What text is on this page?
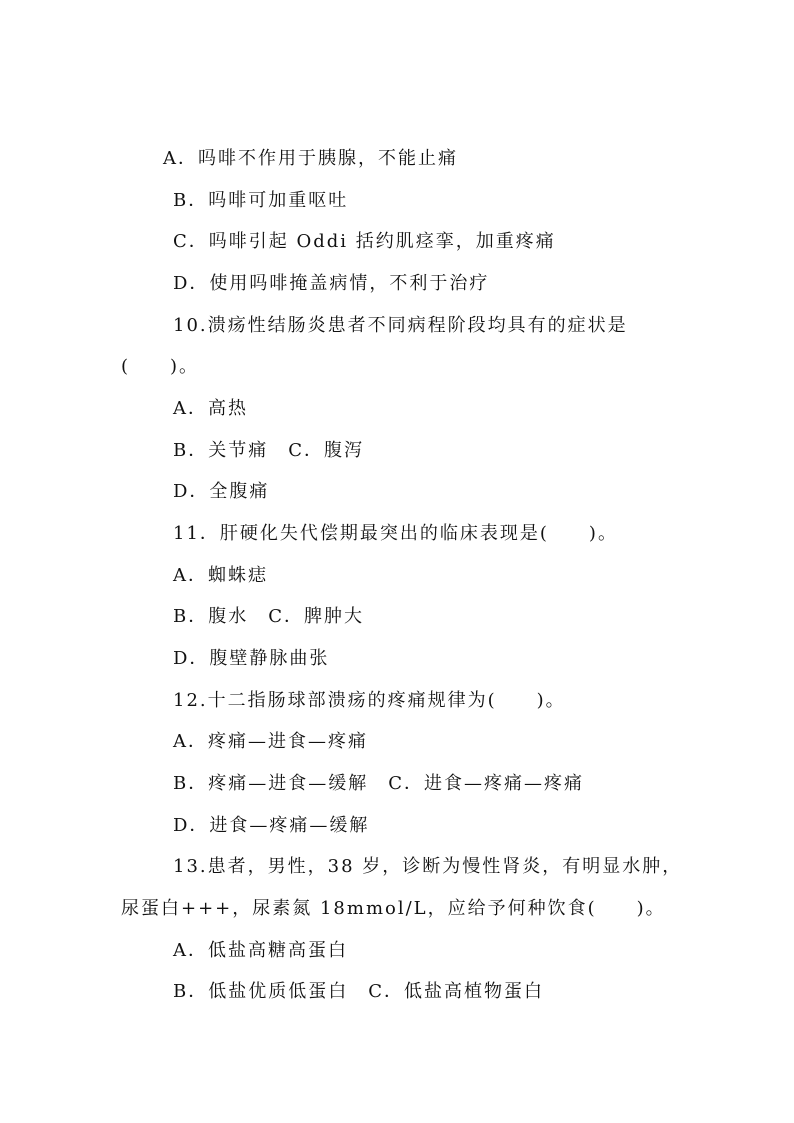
A．吗啡不作用于胰腺，不能止痛
B．吗啡可加重呕吐
C．吗啡引起 Oddi 括约肌痉挛，加重疼痛
D．使用吗啡掩盖病情，不利于治疗
10.溃疡性结肠炎患者不同病程阶段均具有的症状是
(　　)。
A．高热
B．关节痛　C．腹泻
D．全腹痛
11．肝硬化失代偿期最突出的临床表现是(　　)。
A．蜘蛛痣
B．腹水　C．脾肿大
D．腹壁静脉曲张
12.十二指肠球部溃疡的疼痛规律为(　　)。
A．疼痛—进食—疼痛
B．疼痛—进食—缓解　C．进食—疼痛—疼痛
D．进食—疼痛—缓解
13.患者，男性，38 岁，诊断为慢性肾炎，有明显水肿，
尿蛋白+++，尿素氮 18mmol/L，应给予何种饮食(　　)。
A．低盐高糖高蛋白
B．低盐优质低蛋白　C．低盐高植物蛋白
